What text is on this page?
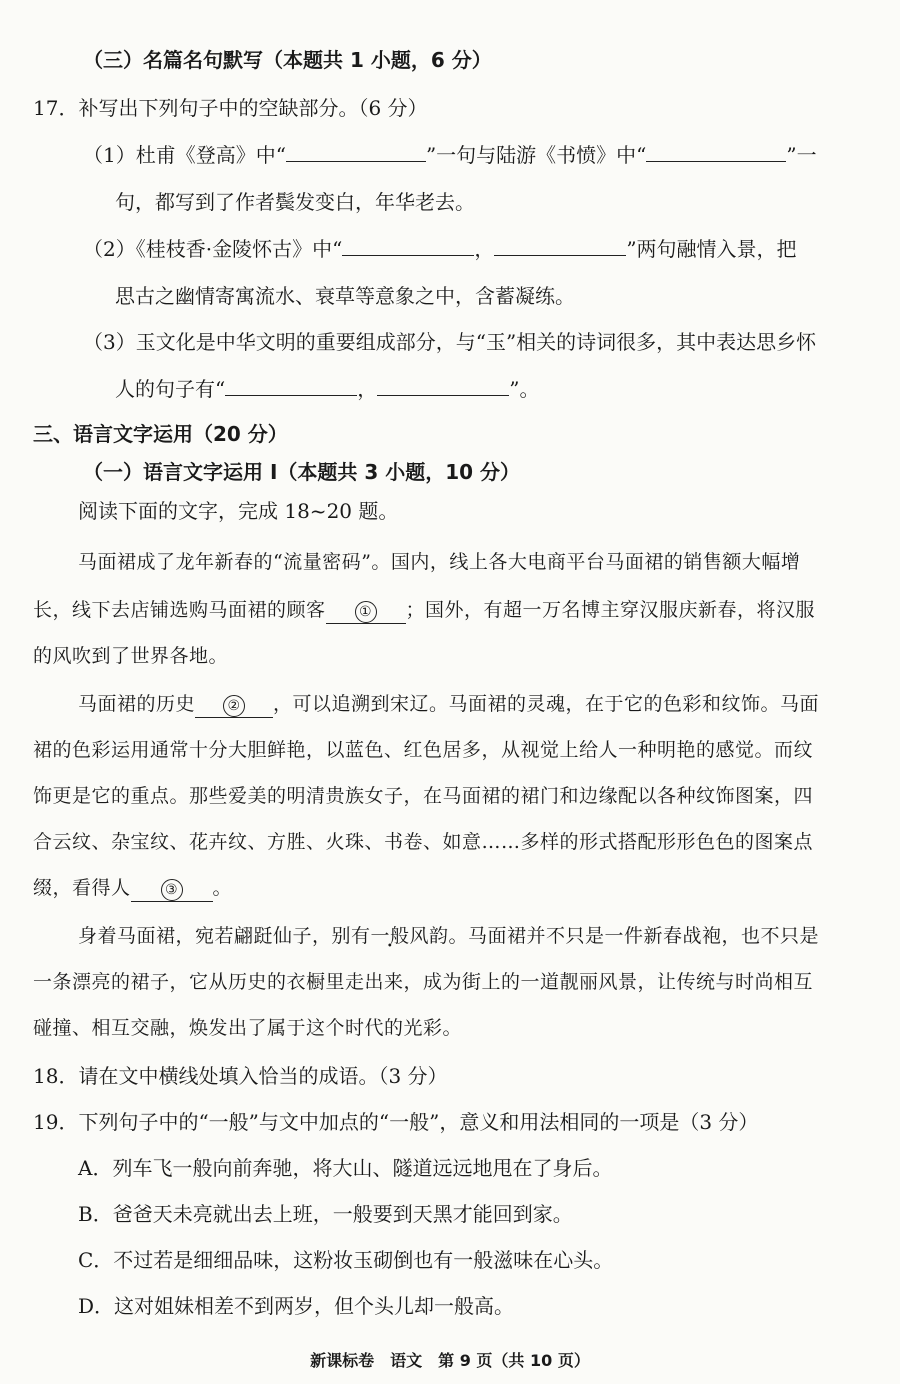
（三）名篇名句默写（本题共 1 小题，6 分）
17．补写出下列句子中的空缺部分。（6 分）
（1）杜甫《登高》中“	”一句与陆游《书愤》中“	”一
句，都写到了作者鬓发变白，年华老去。
（2）《桂枝香·金陵怀古》中“	，	”两句融情入景，把
思古之幽情寄寓流水、衰草等意象之中，含蓄凝练。
（3）玉文化是中华文明的重要组成部分，与“玉”相关的诗词很多，其中表达思乡怀
人的句子有“	，	”。
三、语言文字运用（20 分）
（一）语言文字运用 I（本题共 3 小题，10 分）
阅读下面的文字，完成 18~20 题。
马面裙成了龙年新春的“流量密码”。国内，线上各大电商平台马面裙的销售额大幅增
长，线下去店铺选购马面裙的顾客 ① ；国外，有超一万名博主穿汉服庆新春，将汉服
的风吹到了世界各地。
马面裙的历史 ② ，可以追溯到宋辽。马面裙的灵魂，在于它的色彩和纹饰。马面
裙的色彩运用通常十分大胆鲜艳，以蓝色、红色居多，从视觉上给人一种明艳的感觉。而纹
饰更是它的重点。那些爱美的明清贵族女子，在马面裙的裙门和边缘配以各种纹饰图案，四
合云纹、杂宝纹、花卉纹、方胜、火珠、书卷、如意……多样的形式搭配形形色色的图案点
缀，看得人 ③ 。
身着马面裙，宛若翩跹仙子，别有一般风韵。马面裙并不只是一件新春战袍，也不只是
一条漂亮的裙子，它从历史的衣橱里走出来，成为街上的一道靓丽风景，让传统与时尚相互
碰撞、相互交融，焕发出了属于这个时代的光彩。
18．请在文中横线处填入恰当的成语。（3 分）
19．下列句子中的“一般”与文中加点的“一般”，意义和用法相同的一项是（3 分）
A．列车飞一般向前奔驰，将大山、隧道远远地甩在了身后。
B．爸爸天未亮就出去上班，一般要到天黑才能回到家。
C．不过若是细细品味，这粉妆玉砌倒也有一般滋味在心头。
D．这对姐妹相差不到两岁，但个头儿却一般高。
新课标卷　语文　第 9 页（共 10 页）
